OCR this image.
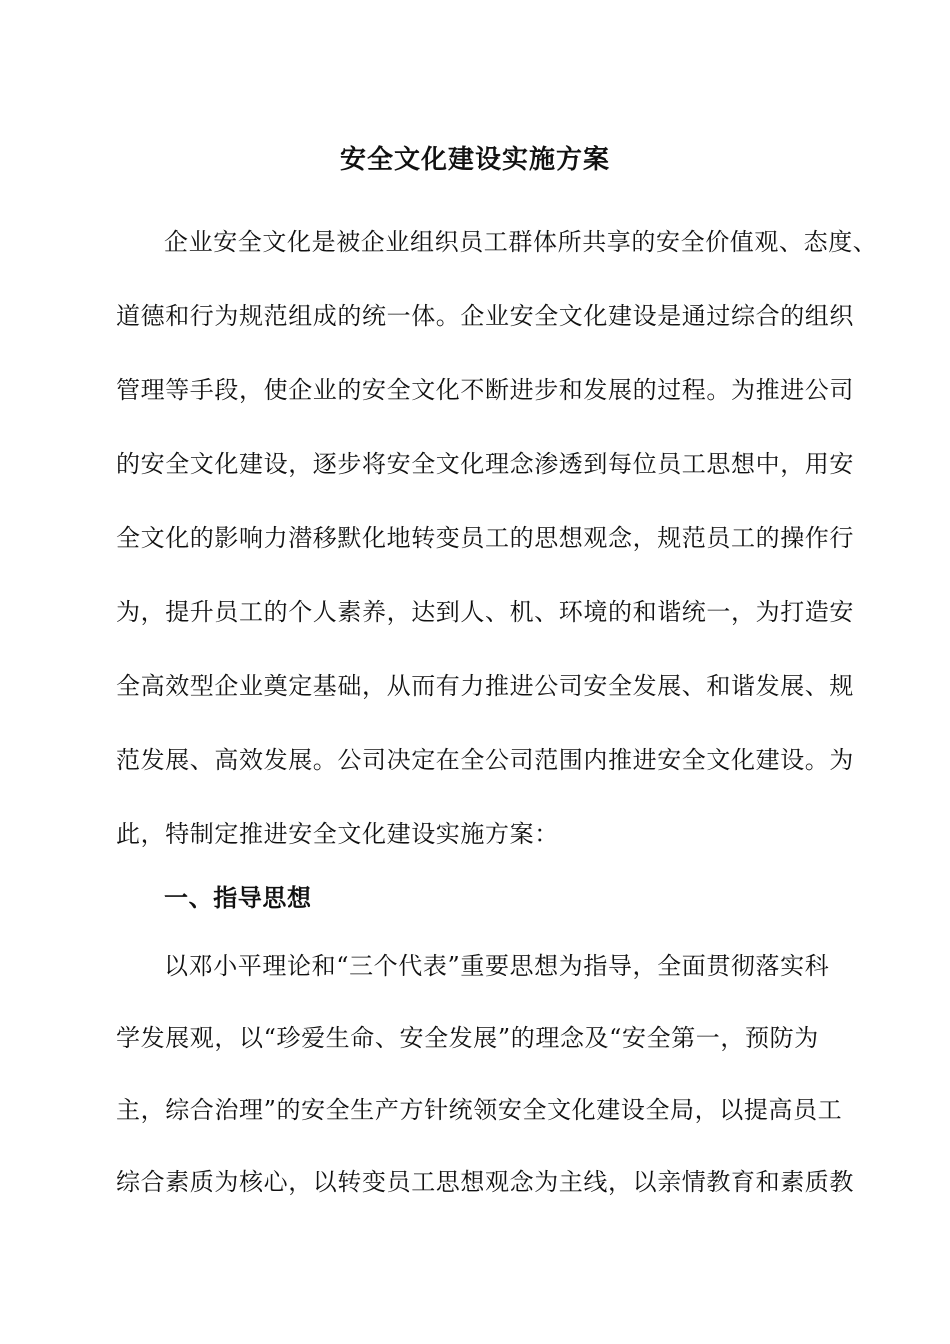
安全文化建设实施方案
企业安全文化是被企业组织员工群体所共享的安全价值观、态度、
道德和行为规范组成的统一体。企业安全文化建设是通过综合的组织
管理等手段，使企业的安全文化不断进步和发展的过程。为推进公司
的安全文化建设，逐步将安全文化理念渗透到每位员工思想中，用安
全文化的影响力潜移默化地转变员工的思想观念，规范员工的操作行
为，提升员工的个人素养，达到人、机、环境的和谐统一，为打造安
全高效型企业奠定基础，从而有力推进公司安全发展、和谐发展、规
范发展、高效发展。公司决定在全公司范围内推进安全文化建设。为
此，特制定推进安全文化建设实施方案：
一、指导思想
以邓小平理论和“三个代表”重要思想为指导，全面贯彻落实科
学发展观，以“珍爱生命、安全发展”的理念及“安全第一，预防为
主，综合治理”的安全生产方针统领安全文化建设全局，以提高员工
综合素质为核心，以转变员工思想观念为主线，以亲情教育和素质教
